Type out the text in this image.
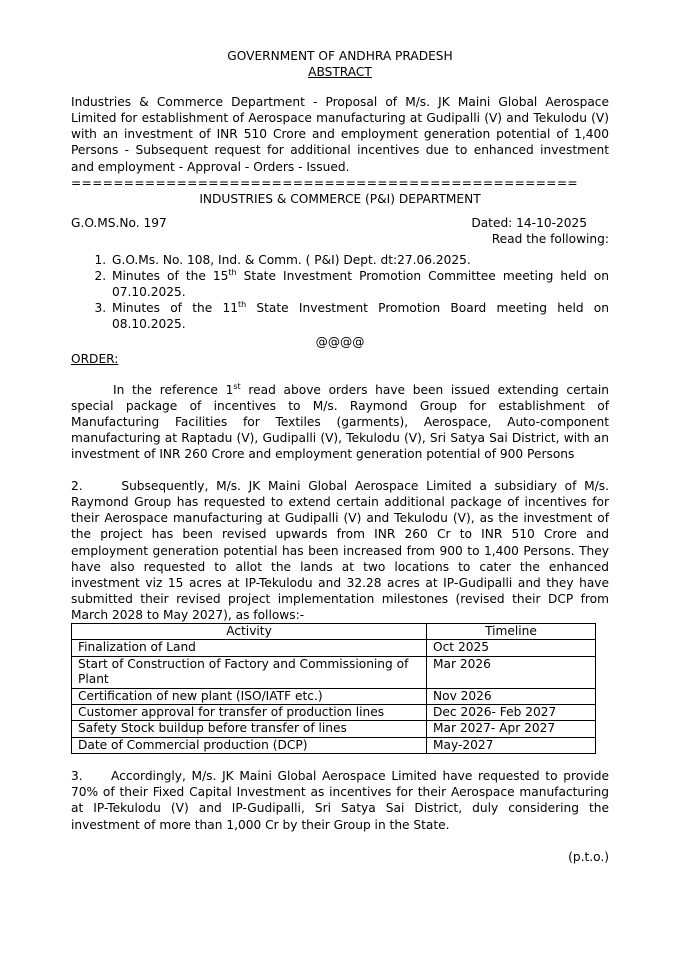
GOVERNMENT OF ANDHRA PRADESH
ABSTRACT
Industries & Commerce Department - Proposal of M/s. JK Maini Global Aerospace Limited for establishment of Aerospace manufacturing at Gudipalli (V) and Tekulodu (V) with an investment of INR 510 Crore and employment generation potential of 1,400 Persons - Subsequent request for additional incentives due to enhanced investment and employment - Approval - Orders - Issued.
================================================
INDUSTRIES & COMMERCE (P&I) DEPARTMENT
G.O.MS.No. 197	Dated: 14-10-2025
Read the following:
1. G.O.Ms. No. 108, Ind. & Comm. ( P&I) Dept. dt:27.06.2025.
2. Minutes of the 15th State Investment Promotion Committee meeting held on 07.10.2025.
3. Minutes of the 11th State Investment Promotion Board meeting held on 08.10.2025.
@@@@
ORDER:
In the reference 1st read above orders have been issued extending certain special package of incentives to M/s. Raymond Group for establishment of Manufacturing Facilities for Textiles (garments), Aerospace, Auto-component manufacturing at Raptadu (V), Gudipalli (V), Tekulodu (V), Sri Satya Sai District, with an investment of INR 260 Crore and employment generation potential of 900 Persons
2.     Subsequently, M/s. JK Maini Global Aerospace Limited a subsidiary of M/s. Raymond Group has requested to extend certain additional package of incentives for their Aerospace manufacturing at Gudipalli (V) and Tekulodu (V), as the investment of the project has been revised upwards from INR 260 Cr to INR 510 Crore and employment generation potential has been increased from 900 to 1,400 Persons. They have also requested to allot the lands at two locations to cater the enhanced investment viz 15 acres at IP-Tekulodu and 32.28 acres at IP-Gudipalli and they have submitted their revised project implementation milestones (revised their DCP from March 2028 to May 2027), as follows:-
Activity	Timeline
Finalization of Land	Oct 2025
Start of Construction of Factory and Commissioning of Plant	Mar 2026
Certification of new plant (ISO/IATF etc.)	Nov 2026
Customer approval for transfer of production lines	Dec 2026- Feb 2027
Safety Stock buildup before transfer of lines	Mar 2027- Apr 2027
Date of Commercial production (DCP)	May-2027
3.     Accordingly, M/s. JK Maini Global Aerospace Limited have requested to provide 70% of their Fixed Capital Investment as incentives for their Aerospace manufacturing at IP-Tekulodu (V) and IP-Gudipalli, Sri Satya Sai District, duly considering the investment of more than 1,000 Cr by their Group in the State.
(p.t.o.)
